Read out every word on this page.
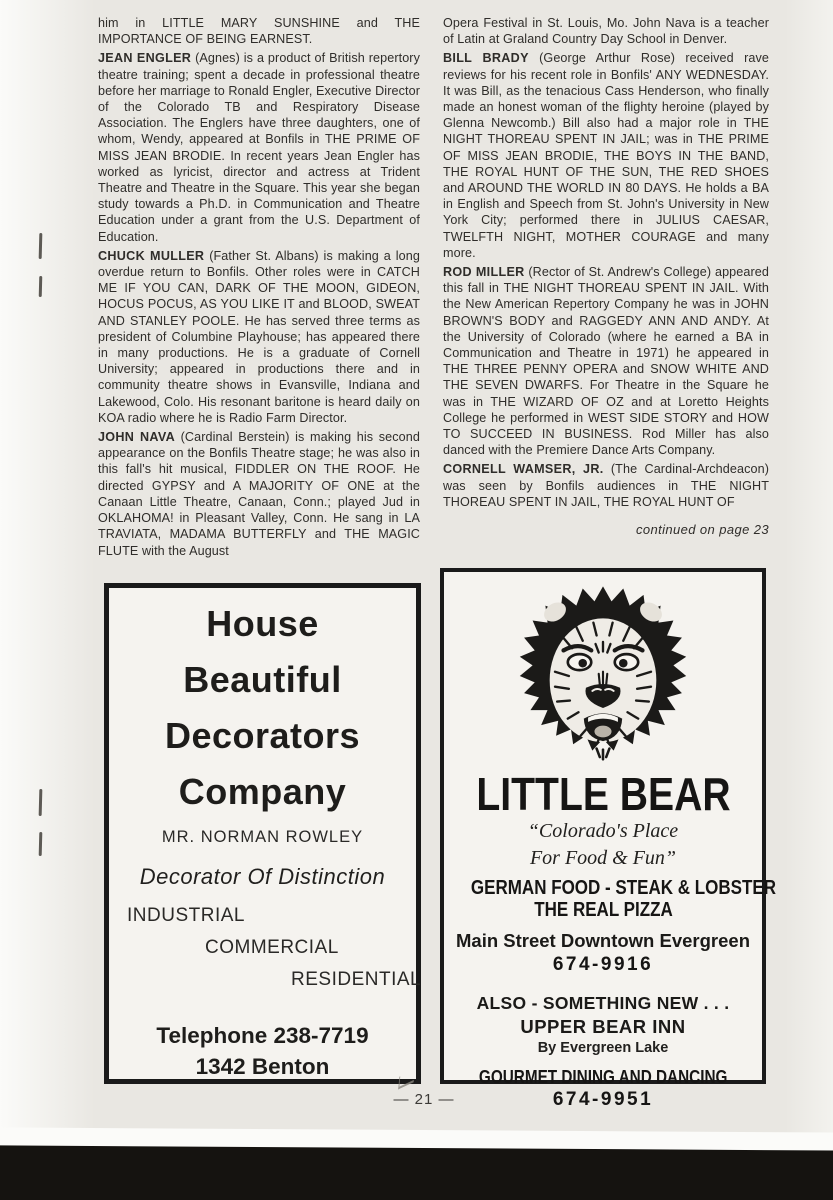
him in LITTLE MARY SUNSHINE and THE IMPORTANCE OF BEING EARNEST.

JEAN ENGLER (Agnes) is a product of British repertory theatre training; spent a decade in professional theatre before her marriage to Ronald Engler, Executive Director of the Colorado TB and Respiratory Disease Association. The Englers have three daughters, one of whom, Wendy, appeared at Bonfils in THE PRIME OF MISS JEAN BRODIE. In recent years Jean Engler has worked as lyricist, director and actress at Trident Theatre and Theatre in the Square. This year she began study towards a Ph.D. in Communication and Theatre Education under a grant from the U.S. Department of Education.

CHUCK MULLER (Father St. Albans) is making a long overdue return to Bonfils. Other roles were in CATCH ME IF YOU CAN, DARK OF THE MOON, GIDEON, HOCUS POCUS, AS YOU LIKE IT and BLOOD, SWEAT AND STANLEY POOLE. He has served three terms as president of Columbine Playhouse; has appeared there in many productions. He is a graduate of Cornell University; appeared in productions there and in community theatre shows in Evansville, Indiana and Lakewood, Colo. His resonant baritone is heard daily on KOA radio where he is Radio Farm Director.

JOHN NAVA (Cardinal Berstein) is making his second appearance on the Bonfils Theatre stage; he was also in this fall's hit musical, FIDDLER ON THE ROOF. He directed GYPSY and A MAJORITY OF ONE at the Canaan Little Theatre, Canaan, Conn.; played Jud in OKLAHOMA! in Pleasant Valley, Conn. He sang in LA TRAVIATA, MADAMA BUTTERFLY and THE MAGIC FLUTE with the August

Opera Festival in St. Louis, Mo. John Nava is a teacher of Latin at Graland Country Day School in Denver.

BILL BRADY (George Arthur Rose) received rave reviews for his recent role in Bonfils' ANY WEDNESDAY. It was Bill, as the tenacious Cass Henderson, who finally made an honest woman of the flighty heroine (played by Glenna Newcomb.) Bill also had a major role in THE NIGHT THOREAU SPENT IN JAIL; was in THE PRIME OF MISS JEAN BRODIE, THE BOYS IN THE BAND, THE ROYAL HUNT OF THE SUN, THE RED SHOES and AROUND THE WORLD IN 80 DAYS. He holds a BA in English and Speech from St. John's University in New York City; performed there in JULIUS CAESAR, TWELFTH NIGHT, MOTHER COURAGE and many more.

ROD MILLER (Rector of St. Andrew's College) appeared this fall in THE NIGHT THOREAU SPENT IN JAIL. With the New American Repertory Company he was in JOHN BROWN'S BODY and RAGGEDY ANN AND ANDY. At the University of Colorado (where he earned a BA in Communication and Theatre in 1971) he appeared in THE THREE PENNY OPERA and SNOW WHITE AND THE SEVEN DWARFS. For Theatre in the Square he was in THE WIZARD OF OZ and at Loretto Heights College he performed in WEST SIDE STORY and HOW TO SUCCEED IN BUSINESS. Rod Miller has also danced with the Premiere Dance Arts Company.

CORNELL WAMSER, JR. (The Cardinal-Archdeacon) was seen by Bonfils audiences in THE NIGHT THOREAU SPENT IN JAIL, THE ROYAL HUNT OF

continued on page 23
House
Beautiful
Decorators
Company
MR. NORMAN ROWLEY
Decorator Of Distinction
INDUSTRIAL
COMMERCIAL
RESIDENTIAL
Telephone 238-7719
1342 Benton
LITTLE BEAR
“Colorado's Place
For Food & Fun”
GERMAN FOOD - STEAK & LOBSTER
THE REAL PIZZA
Main Street Downtown Evergreen
674-9916
ALSO - SOMETHING NEW . . .
UPPER BEAR INN
By Evergreen Lake
GOURMET DINING AND DANCING
674-9951
— 21 —
